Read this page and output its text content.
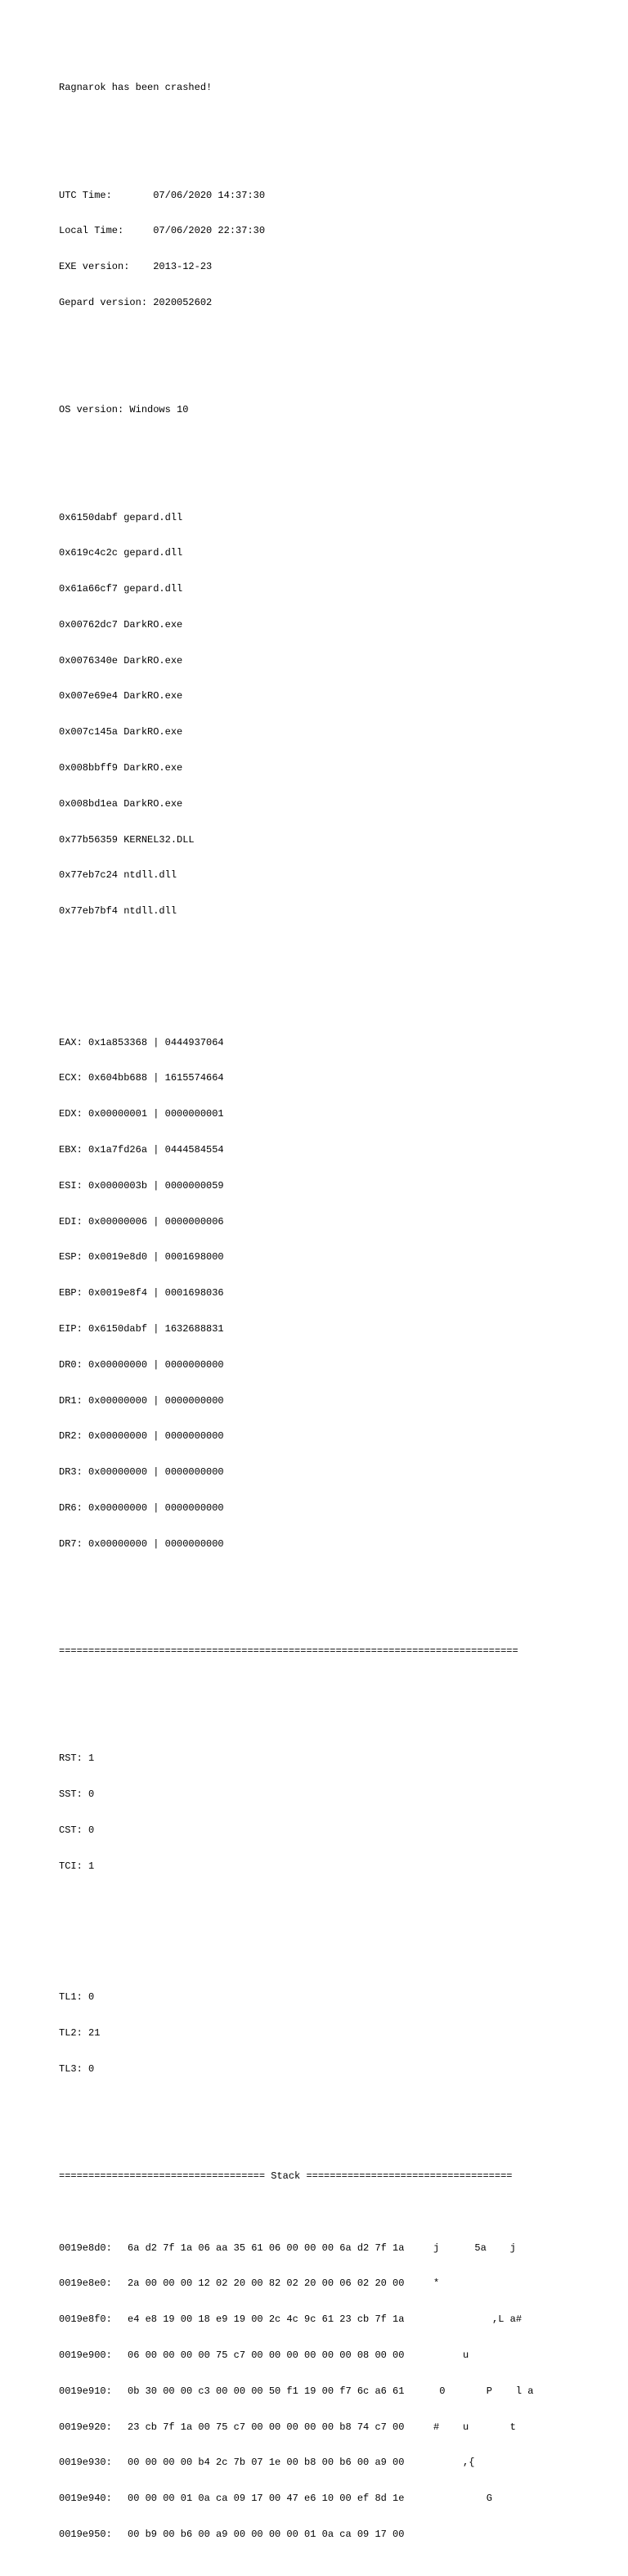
Ragnarok has been crashed!

UTC Time:       07/06/2020 14:37:30

Local Time:     07/06/2020 22:37:30

EXE version:    2013-12-23

Gepard version: 2020052602

OS version: Windows 10

0x6150dabf gepard.dll

0x619c4c2c gepard.dll

0x61a66cf7 gepard.dll

0x00762dc7 DarkRO.exe

0x0076340e DarkRO.exe

0x007e69e4 DarkRO.exe

0x007c145a DarkRO.exe

0x008bbff9 DarkRO.exe

0x008bd1ea DarkRO.exe

0x77b56359 KERNEL32.DLL

0x77eb7c24 ntdll.dll

0x77eb7bf4 ntdll.dll

EAX: 0x1a853368 | 0444937064

ECX: 0x604bb688 | 1615574664

EDX: 0x00000001 | 0000000001

EBX: 0x1a7fd26a | 0444584554

ESI: 0x0000003b | 0000000059

EDI: 0x00000006 | 0000000006

ESP: 0x0019e8d0 | 0001698000

EBP: 0x0019e8f4 | 0001698036

EIP: 0x6150dabf | 1632688831

DR0: 0x00000000 | 0000000000

DR1: 0x00000000 | 0000000000

DR2: 0x00000000 | 0000000000

DR3: 0x00000000 | 0000000000

DR6: 0x00000000 | 0000000000

DR7: 0x00000000 | 0000000000

==============================================================================

RST: 1

SST: 0

CST: 0

TCI: 1

TL1: 0

TL2: 21

TL3: 0

=================================== Stack ===================================

0019e8d0: 6a d2 7f 1a 06 aa 35 61 06 00 00 00 6a d2 7f 1a	j      5a    j

0019e8e0: 2a 00 00 00 12 02 20 00 82 02 20 00 06 02 20 00	*

0019e8f0: e4 e8 19 00 18 e9 19 00 2c 4c 9c 61 23 cb 7f 1a	,L a#

0019e900: 06 00 00 00 00 75 c7 00 00 00 00 00 00 08 00 00	u

0019e910: 0b 30 00 00 c3 00 00 00 50 f1 19 00 f7 6c a6 61	0       P    l a

0019e920: 23 cb 7f 1a 00 75 c7 00 00 00 00 00 b8 74 c7 00	#    u       t

0019e930: 00 00 00 00 b4 2c 7b 07 1e 00 b8 00 b6 00 a9 00	,{

0019e940: 00 00 00 01 0a ca 09 17 00 47 e6 10 00 ef 8d 1e	G

0019e950: 00 b9 00 b6 00 a9 00 00 00 00 01 0a ca 09 17 00
